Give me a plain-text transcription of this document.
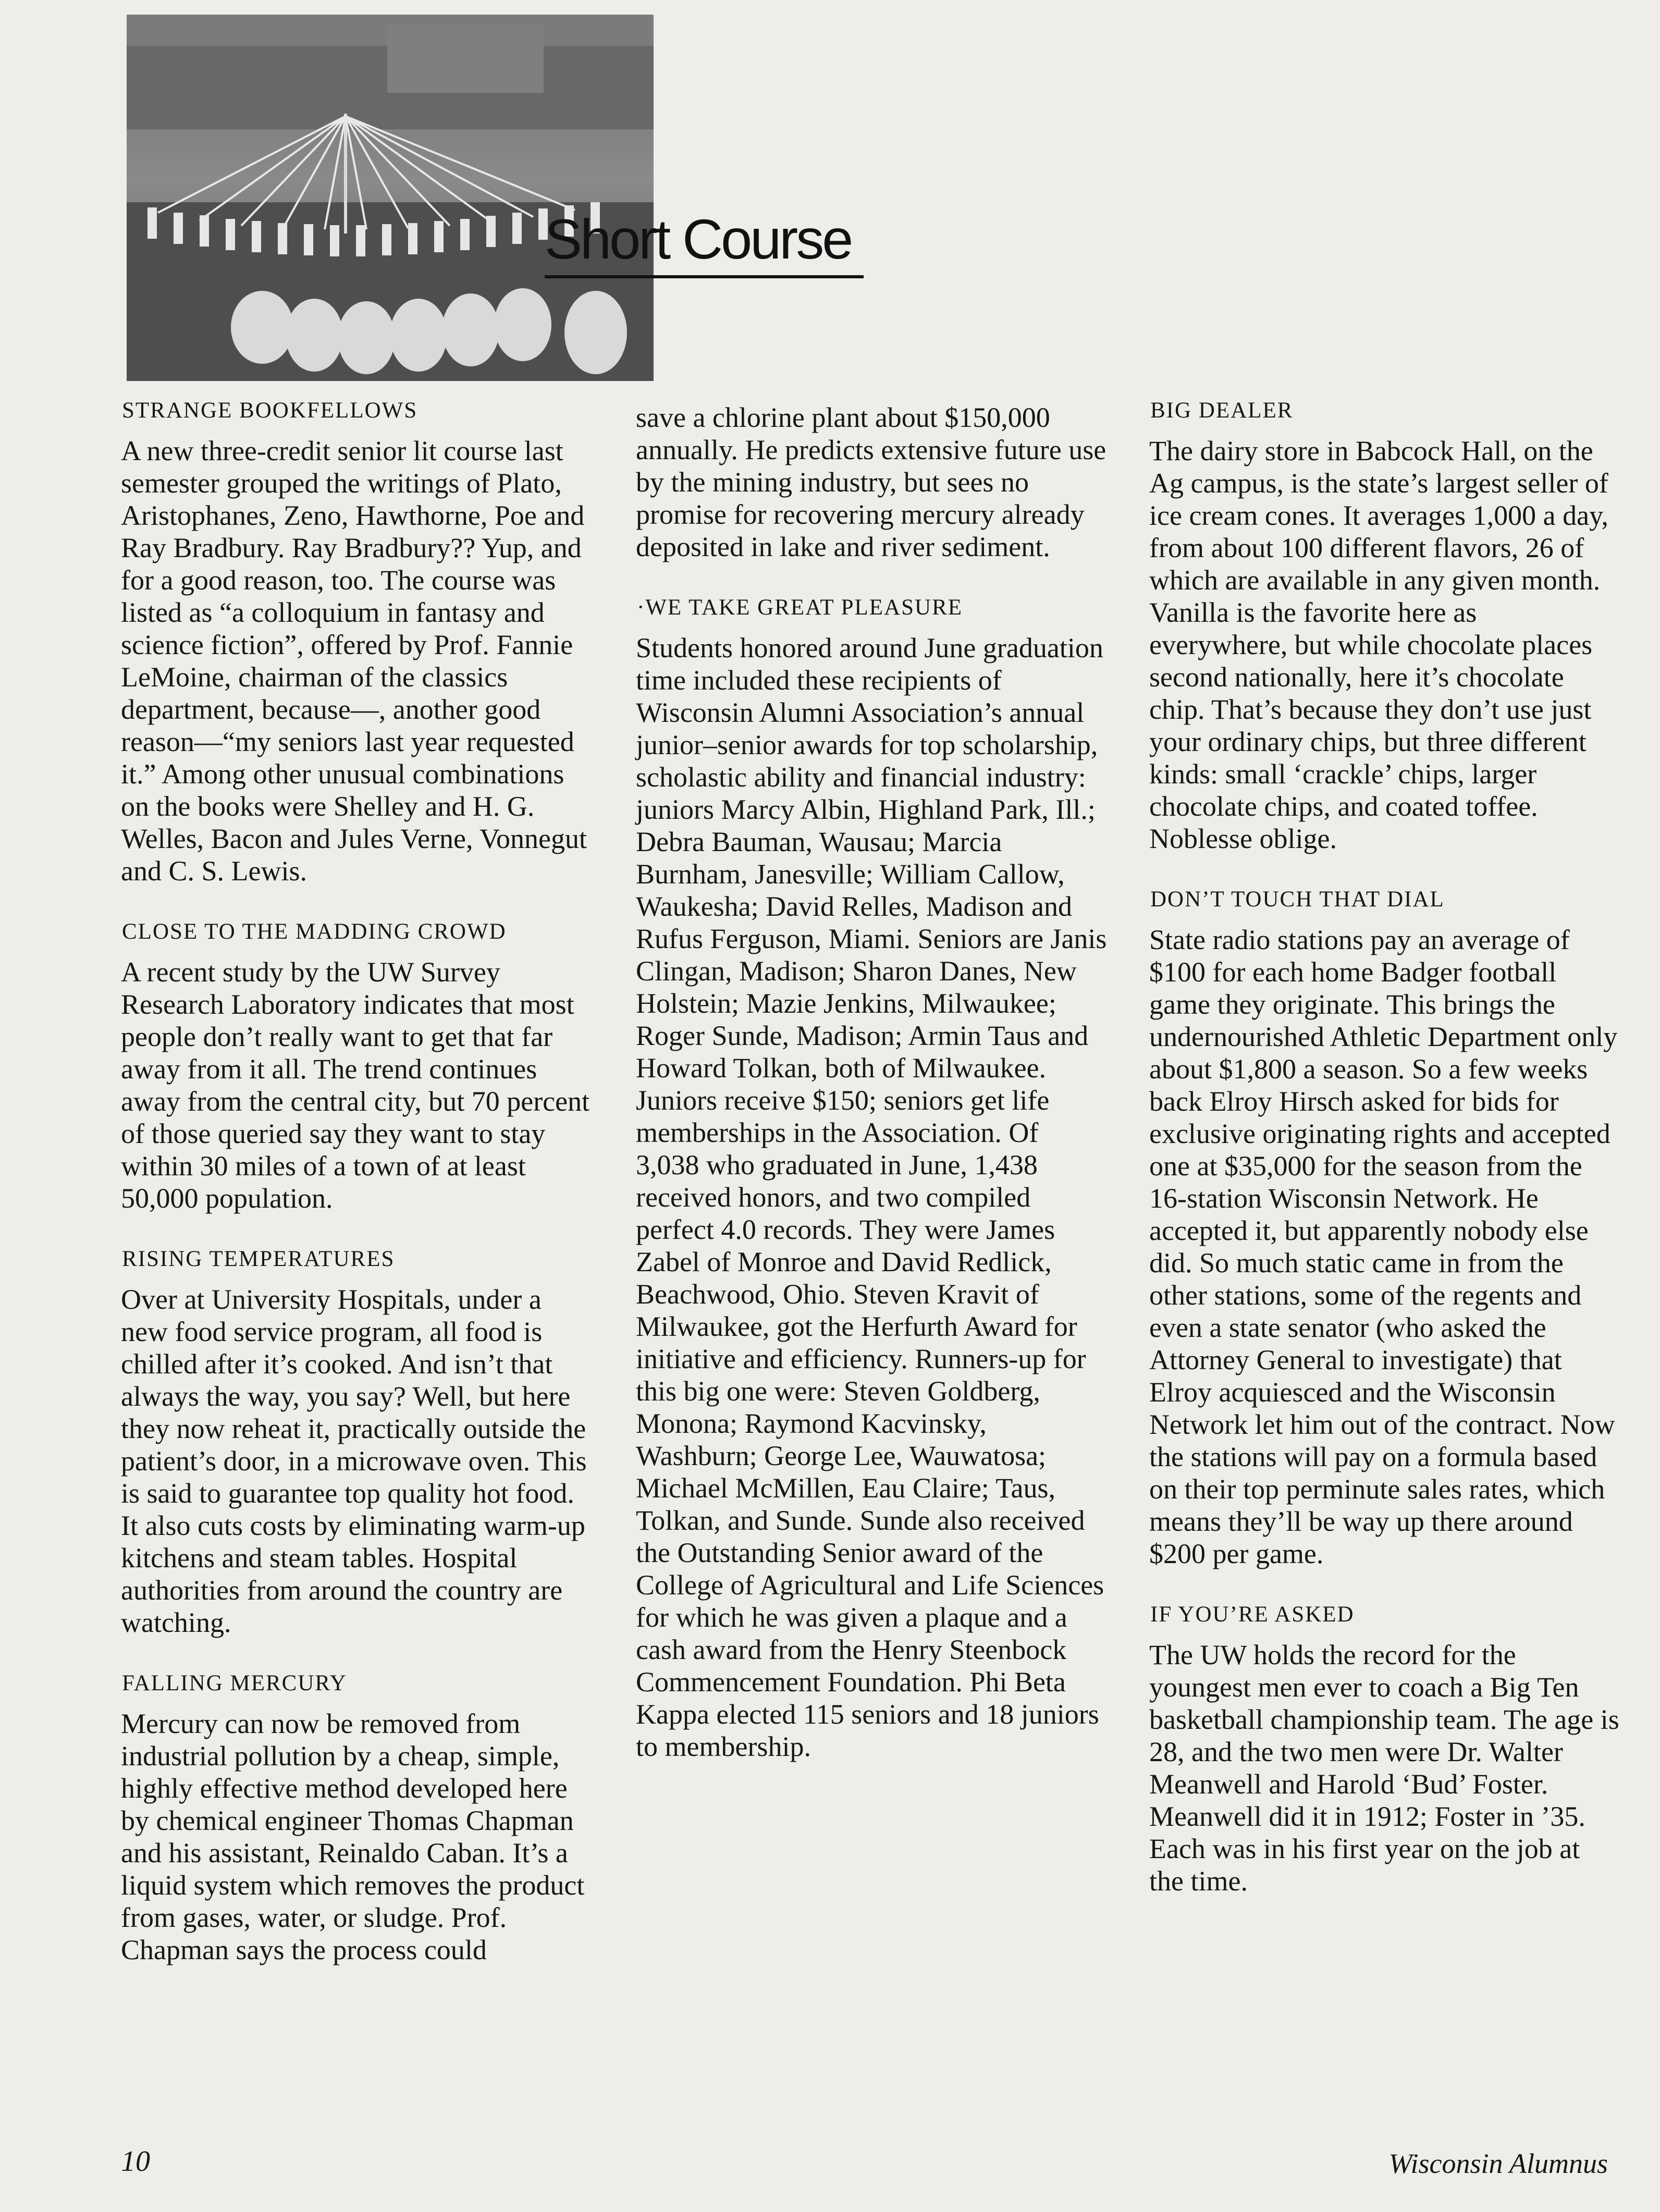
Short Course
STRANGE BOOKFELLOWS

A new three-credit senior lit course last semester grouped the writings of Plato, Aristophanes, Zeno, Hawthorne, Poe and Ray Bradbury. Ray Bradbury?? Yup, and for a good reason, too. The course was listed as “a colloquium in fantasy and science fiction”, offered by Prof. Fannie LeMoine, chairman of the classics department, because—, another good reason—“my seniors last year requested it.” Among other unusual combinations on the books were Shelley and H. G. Welles, Bacon and Jules Verne, Vonnegut and C. S. Lewis.

CLOSE TO THE MADDING CROWD

A recent study by the UW Survey Research Laboratory indicates that most people don’t really want to get that far away from it all. The trend continues away from the central city, but 70 percent of those queried say they want to stay within 30 miles of a town of at least 50,000 population.

RISING TEMPERATURES

Over at University Hospitals, under a new food service program, all food is chilled after it’s cooked. And isn’t that always the way, you say? Well, but here they now reheat it, practically outside the patient’s door, in a microwave oven. This is said to guarantee top quality hot food. It also cuts costs by eliminating warm-up kitchens and steam tables. Hospital authorities from around the country are watching.

FALLING MERCURY

Mercury can now be removed from industrial pollution by a cheap, simple, highly effective method developed here by chemical engineer Thomas Chapman and his assistant, Reinaldo Caban. It’s a liquid system which removes the product from gases, water, or sludge. Prof. Chapman says the process could

save a chlorine plant about $150,000 annually. He predicts extensive future use by the mining industry, but sees no promise for recovering mercury already deposited in lake and river sediment.

·WE TAKE GREAT PLEASURE

Students honored around June graduation time included these recipients of Wisconsin Alumni Association’s annual junior–senior awards for top scholarship, scholastic ability and financial industry: juniors Marcy Albin, Highland Park, Ill.; Debra Bauman, Wausau; Marcia Burnham, Janesville; William Callow, Waukesha; David Relles, Madison and Rufus Ferguson, Miami. Seniors are Janis Clingan, Madison; Sharon Danes, New Holstein; Mazie Jenkins, Milwaukee; Roger Sunde, Madison; Armin Taus and Howard Tolkan, both of Milwaukee. Juniors receive $150; seniors get life memberships in the Association. Of 3,038 who graduated in June, 1,438 received honors, and two compiled perfect 4.0 records. They were James Zabel of Monroe and David Redlick, Beachwood, Ohio. Steven Kravit of Milwaukee, got the Herfurth Award for initiative and efficiency. Runners-up for this big one were: Steven Goldberg, Monona; Raymond Kacvinsky, Washburn; George Lee, Wauwatosa; Michael McMillen, Eau Claire; Taus, Tolkan, and Sunde. Sunde also received the Outstanding Senior award of the College of Agricultural and Life Sciences for which he was given a plaque and a cash award from the Henry Steenbock Commencement Foundation. Phi Beta Kappa elected 115 seniors and 18 juniors to membership.

BIG DEALER

The dairy store in Babcock Hall, on the Ag campus, is the state’s largest seller of ice cream cones. It averages 1,000 a day, from about 100 different flavors, 26 of which are available in any given month. Vanilla is the favorite here as everywhere, but while chocolate places second nationally, here it’s chocolate chip. That’s because they don’t use just your ordinary chips, but three different kinds: small ‘crackle’ chips, larger chocolate chips, and coated toffee. Noblesse oblige.

DON’T TOUCH THAT DIAL

State radio stations pay an average of $100 for each home Badger football game they originate. This brings the undernourished Athletic Department only about $1,800 a season. So a few weeks back Elroy Hirsch asked for bids for exclusive originating rights and accepted one at $35,000 for the season from the 16-station Wisconsin Network. He accepted it, but apparently nobody else did. So much static came in from the other stations, some of the regents and even a state senator (who asked the Attorney General to investigate) that Elroy acquiesced and the Wisconsin Network let him out of the contract. Now the stations will pay on a formula based on their top perminute sales rates, which means they’ll be way up there around $200 per game.

IF YOU’RE ASKED

The UW holds the record for the youngest men ever to coach a Big Ten basketball championship team. The age is 28, and the two men were Dr. Walter Meanwell and Harold ‘Bud’ Foster. Meanwell did it in 1912; Foster in ’35. Each was in his first year on the job at the time.

10	Wisconsin Alumnus
